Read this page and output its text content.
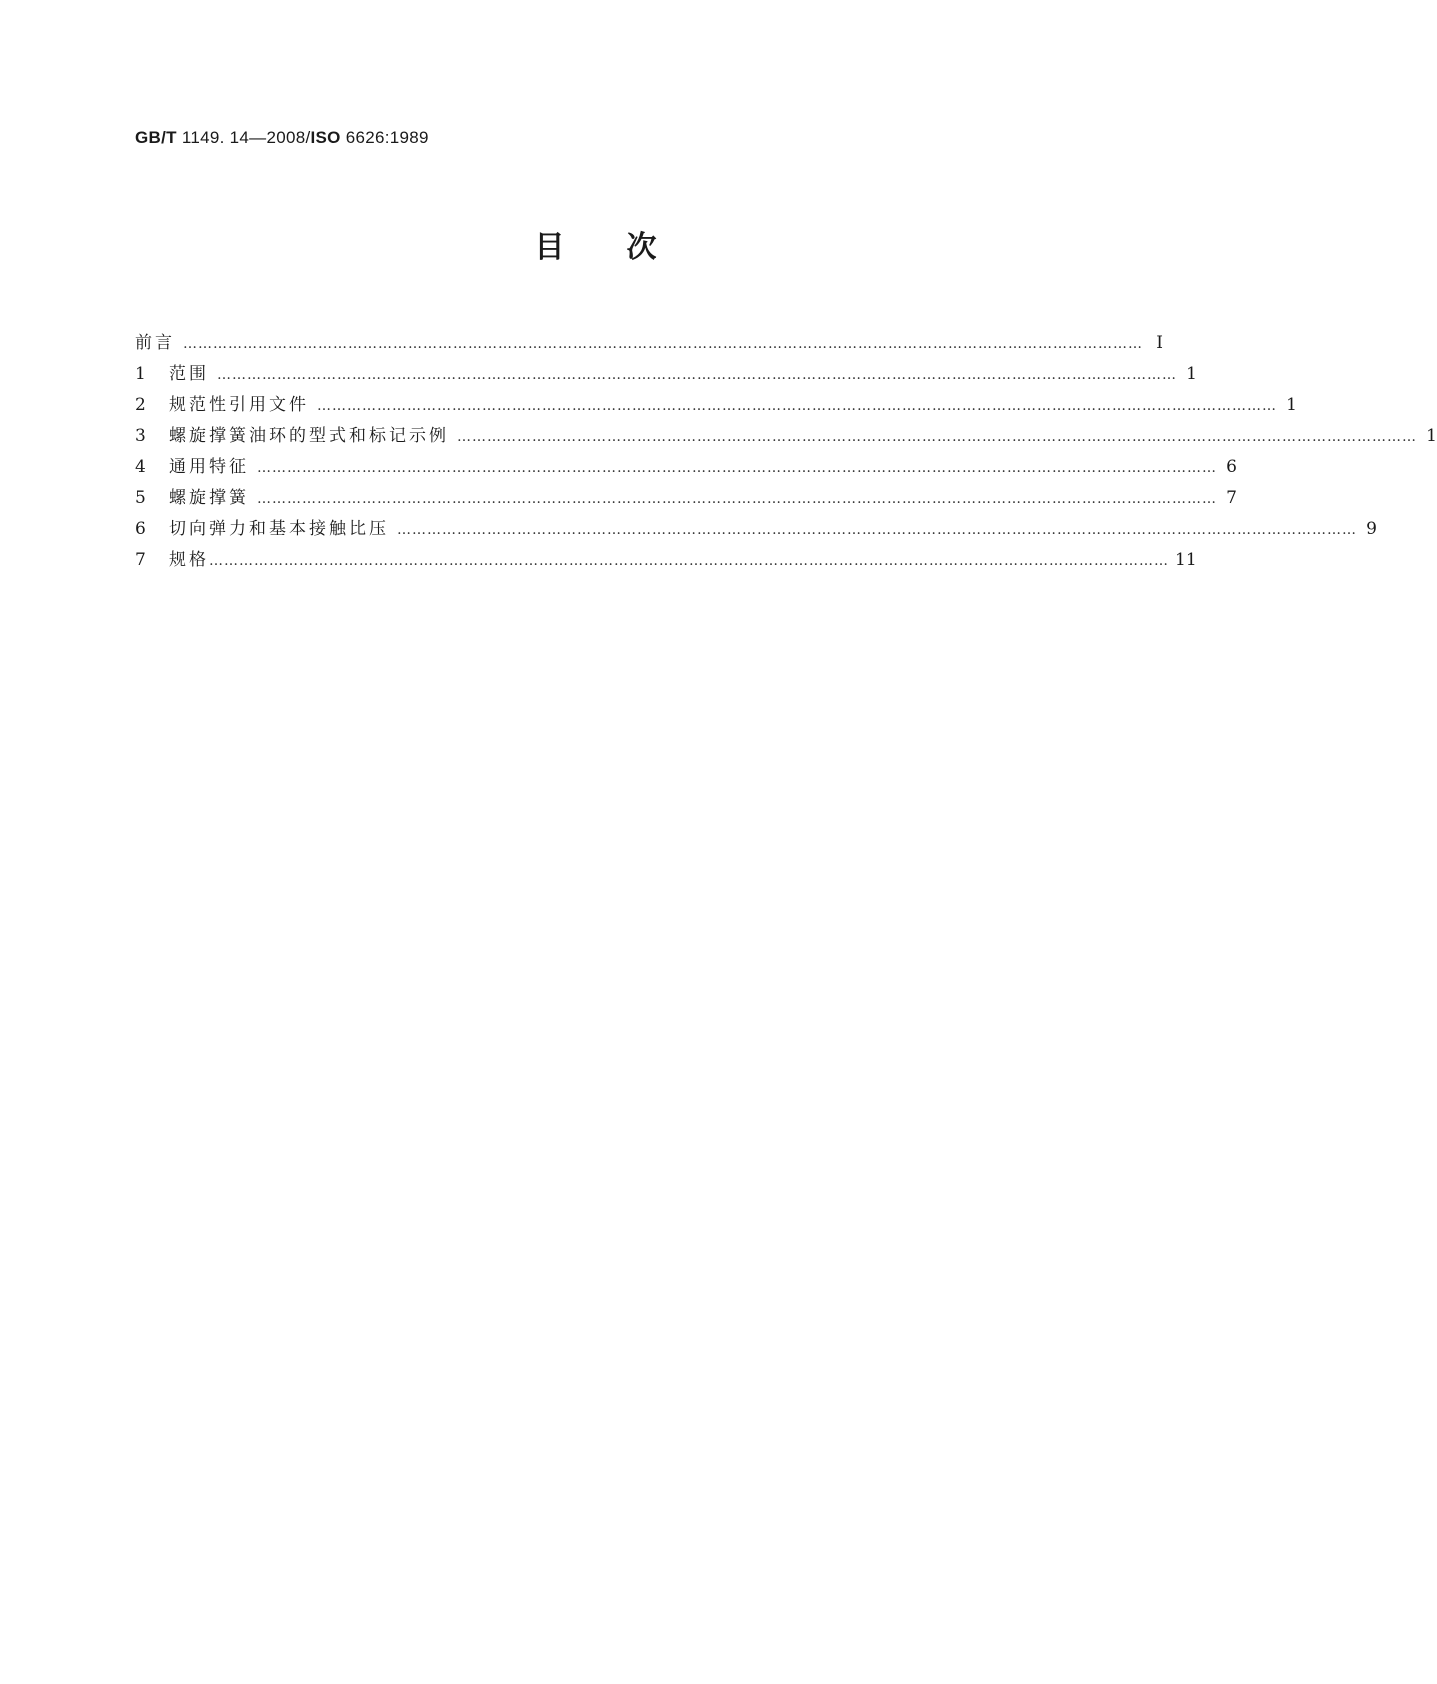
GB/T 1149. 14—2008/ISO 6626:1989
目次
前言 ………………………………………………………………………………………………………………………………………………………………………… Ⅰ
1	范围 ………………………………………………………………………………………………………………………………………………………………………… 1
2	规范性引用文件 ………………………………………………………………………………………………………………………………………………………………………… 1
3	螺旋撑簧油环的型式和标记示例 ………………………………………………………………………………………………………………………………………………………………………… 1
4	通用特征 ………………………………………………………………………………………………………………………………………………………………………… 6
5	螺旋撑簧 ………………………………………………………………………………………………………………………………………………………………………… 7
6	切向弹力和基本接触比压 ………………………………………………………………………………………………………………………………………………………………………… 9
7	规格 ………………………………………………………………………………………………………………………………………………………………………… 11
